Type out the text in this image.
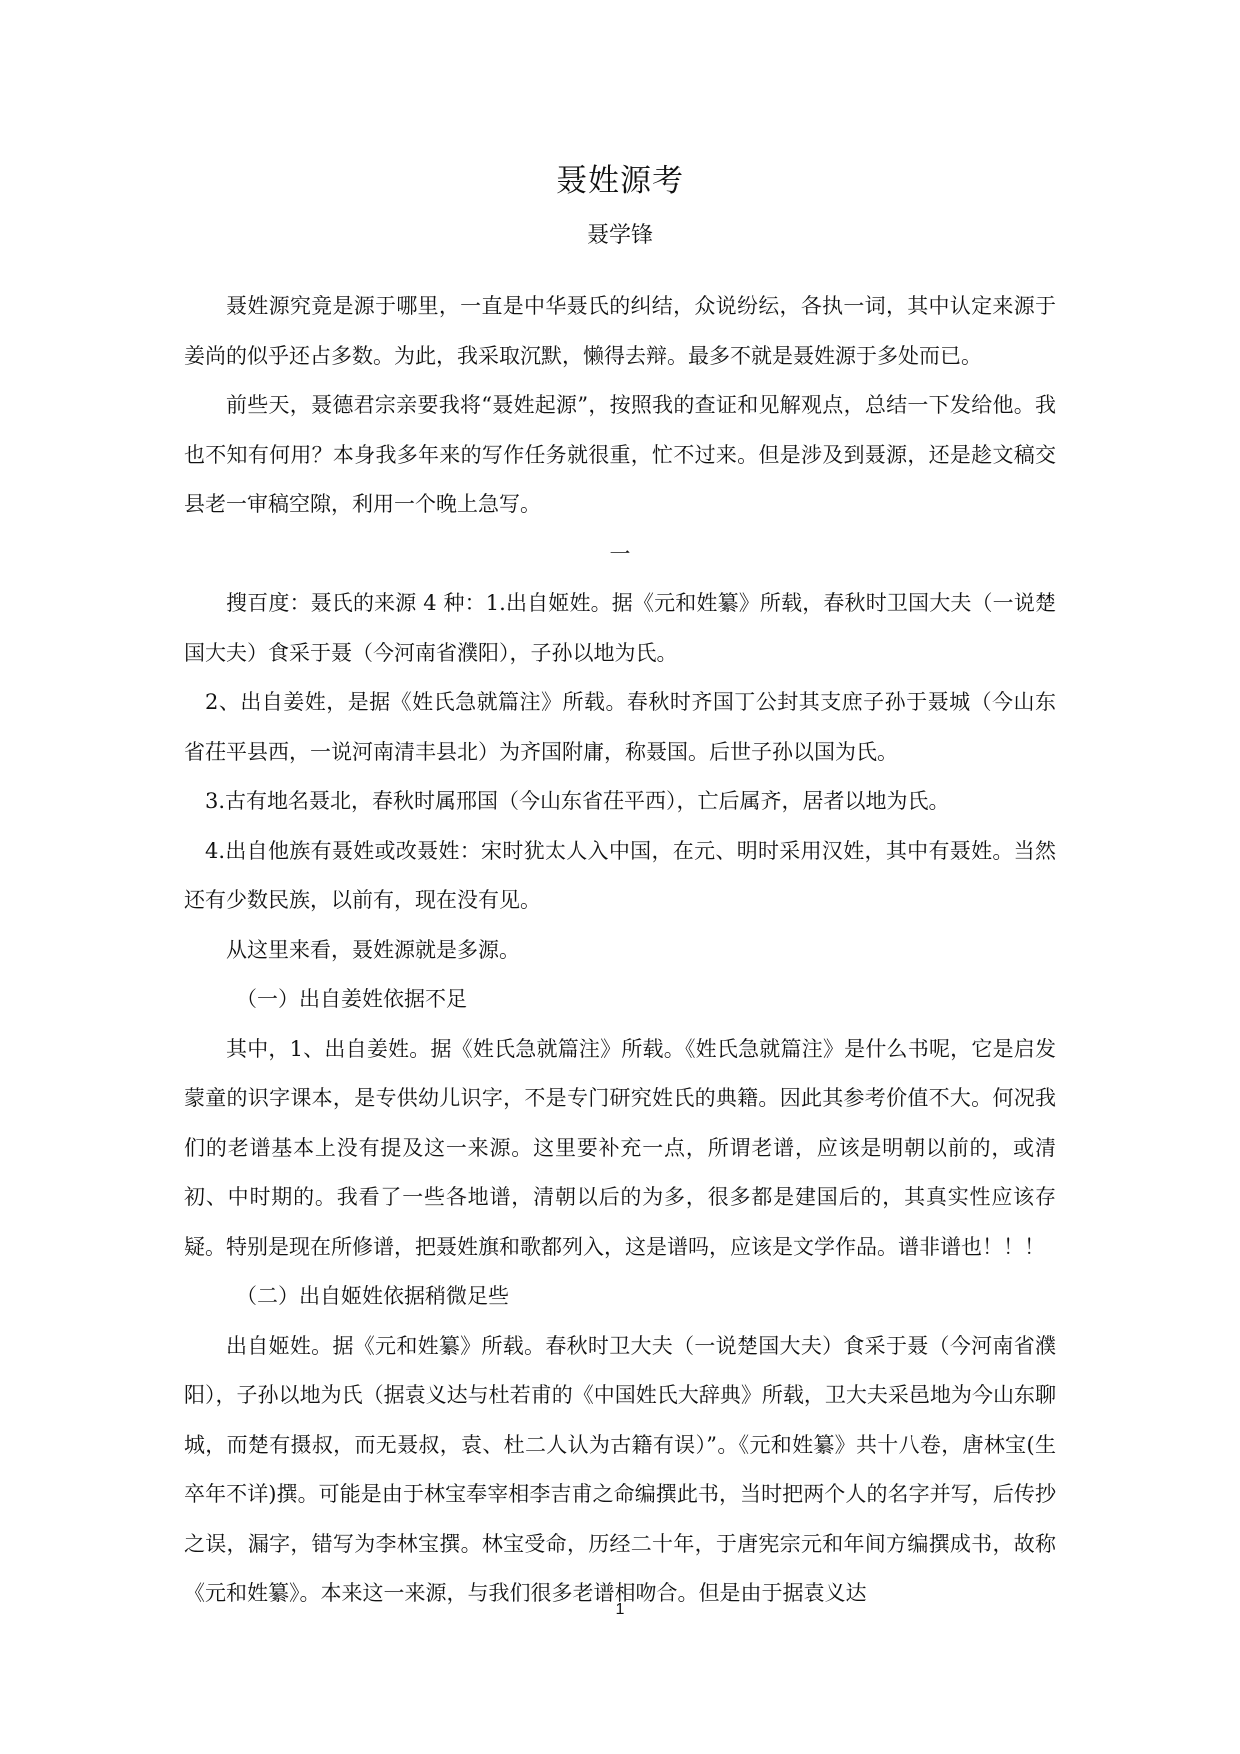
聂姓源考
聂学锋

聂姓源究竟是源于哪里，一直是中华聂氏的纠结，众说纷纭，各执一词，其中认定来源于姜尚的似乎还占多数。为此，我采取沉默，懒得去辩。最多不就是聂姓源于多处而已。

前些天，聂德君宗亲要我将“聂姓起源”，按照我的查证和见解观点，总结一下发给他。我也不知有何用？本身我多年来的写作任务就很重，忙不过来。但是涉及到聂源，还是趁文稿交县老一审稿空隙，利用一个晚上急写。

一

搜百度：聂氏的来源 4 种：1.出自姬姓。据《元和姓纂》所载，春秋时卫国大夫（一说楚国大夫）食采于聂（今河南省濮阳），子孙以地为氏。

2、出自姜姓，是据《姓氏急就篇注》所载。春秋时齐国丁公封其支庶子孙于聂城（今山东省茌平县西，一说河南清丰县北）为齐国附庸，称聂国。后世子孙以国为氏。

3.古有地名聂北，春秋时属邢国（今山东省茌平西），亡后属齐，居者以地为氏。

4.出自他族有聂姓或改聂姓：宋时犹太人入中国，在元、明时采用汉姓，其中有聂姓。当然还有少数民族，以前有，现在没有见。

从这里来看，聂姓源就是多源。

（一）出自姜姓依据不足

其中，1、出自姜姓。据《姓氏急就篇注》所载。《姓氏急就篇注》是什么书呢，它是启发蒙童的识字课本，是专供幼儿识字，不是专门研究姓氏的典籍。因此其参考价值不大。何况我们的老谱基本上没有提及这一来源。这里要补充一点，所谓老谱，应该是明朝以前的，或清初、中时期的。我看了一些各地谱，清朝以后的为多，很多都是建国后的，其真实性应该存疑。特别是现在所修谱，把聂姓旗和歌都列入，这是谱吗，应该是文学作品。谱非谱也！！！

（二）出自姬姓依据稍微足些

出自姬姓。据《元和姓纂》所载。春秋时卫大夫（一说楚国大夫）食采于聂（今河南省濮阳），子孙以地为氏（据袁义达与杜若甫的《中国姓氏大辞典》所载，卫大夫采邑地为今山东聊城，而楚有摄叔，而无聂叔，袁、杜二人认为古籍有误）”。《元和姓纂》共十八卷，唐林宝(生卒年不详)撰。可能是由于林宝奉宰相李吉甫之命编撰此书，当时把两个人的名字并写，后传抄之误，漏字，错写为李林宝撰。林宝受命，历经二十年，于唐宪宗元和年间方编撰成书，故称《元和姓纂》。本来这一来源，与我们很多老谱相吻合。但是由于据袁义达

1
